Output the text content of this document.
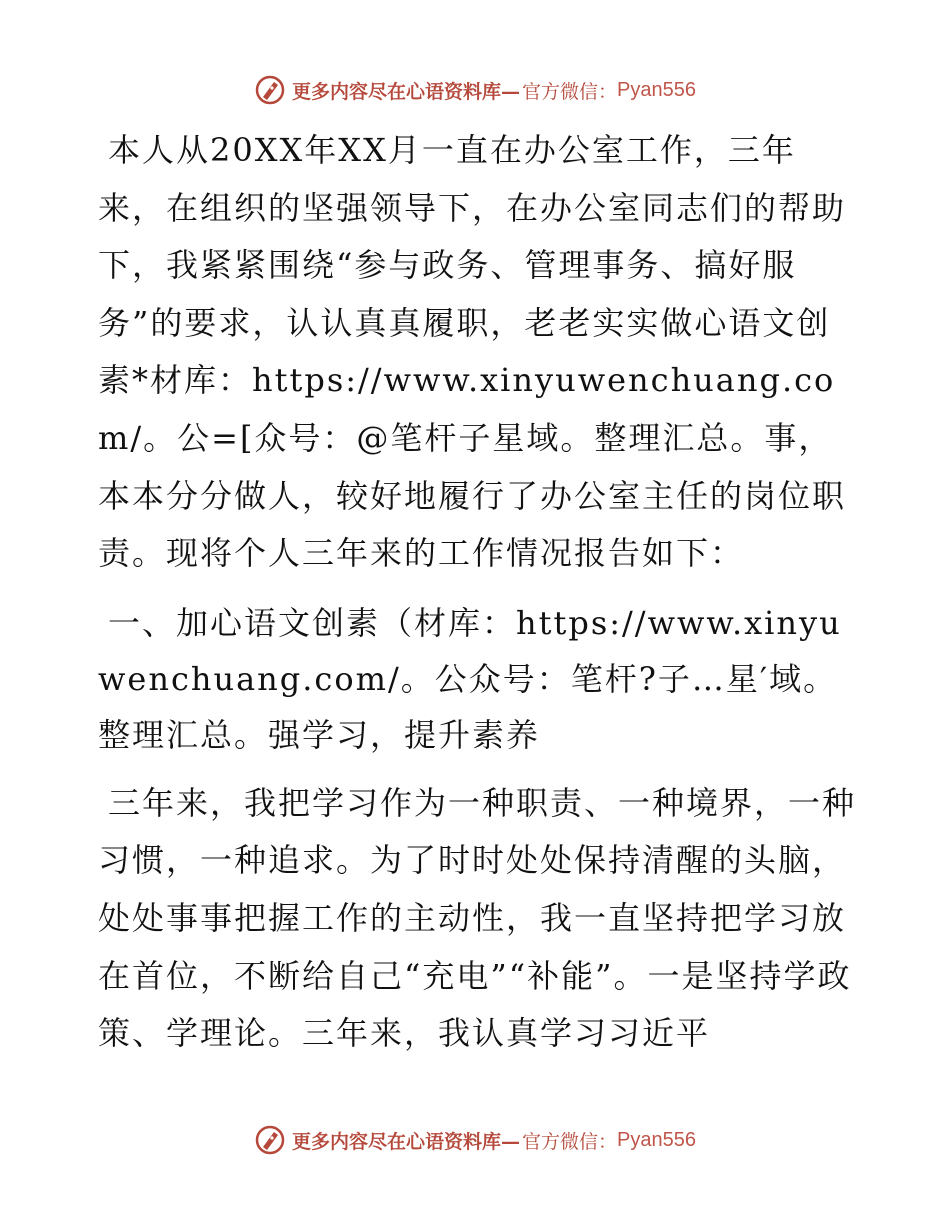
更多内容尽在心语资料库— 官方微信： Pyan556

本人从20XX年XX月一直在办公室工作，三年来，在组织的坚强领导下，在办公室同志们的帮助下，我紧紧围绕“参与政务、管理事务、搞好服务”的要求，认认真真履职，老老实实做心语文创素*材库：https://www.xinyuwenchuang.com/。公=[众号：@笔杆子星域。整理汇总。事，本本分分做人，较好地履行了办公室主任的岗位职责。现将个人三年来的工作情况报告如下：

一、加心语文创素（材库：https://www.xinyuwenchuang.com/。公众号：笔杆?子…星′域。整理汇总。强学习，提升素养

三年来，我把学习作为一种职责、一种境界，一种习惯，一种追求。为了时时处处保持清醒的头脑，处处事事把握工作的主动性，我一直坚持把学习放在首位，不断给自己“充电”“补能”。一是坚持学政策、学理论。三年来，我认真学习习近平

更多内容尽在心语资料库— 官方微信： Pyan556
